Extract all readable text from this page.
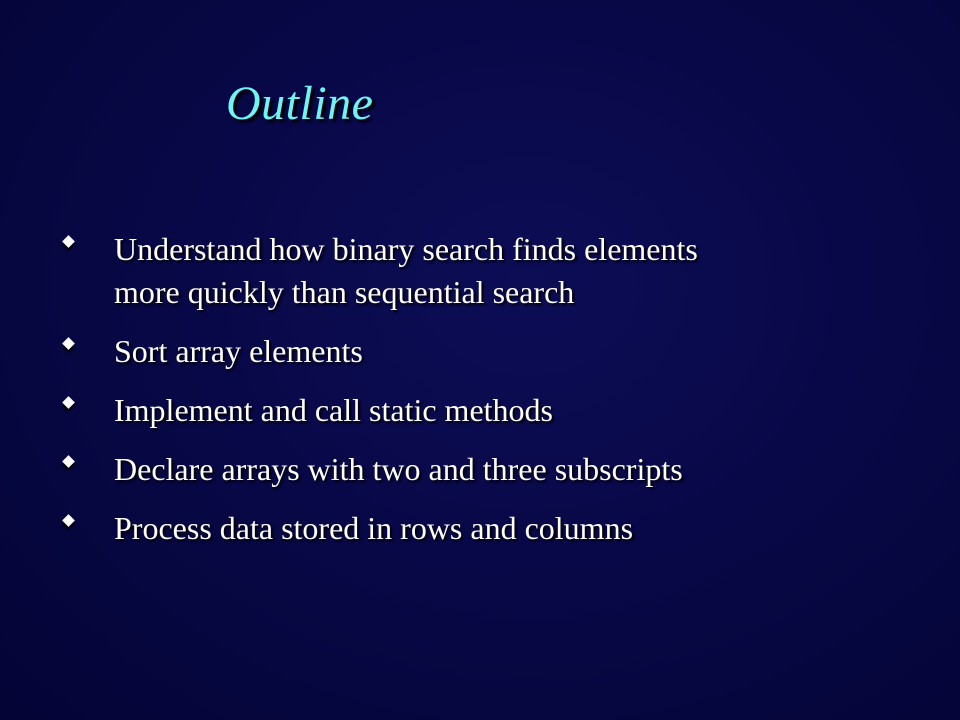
Outline
Understand how binary search finds elements
more quickly than sequential search
Sort array elements
Implement and call static methods
Declare arrays with two and three subscripts
Process data stored in rows and columns
